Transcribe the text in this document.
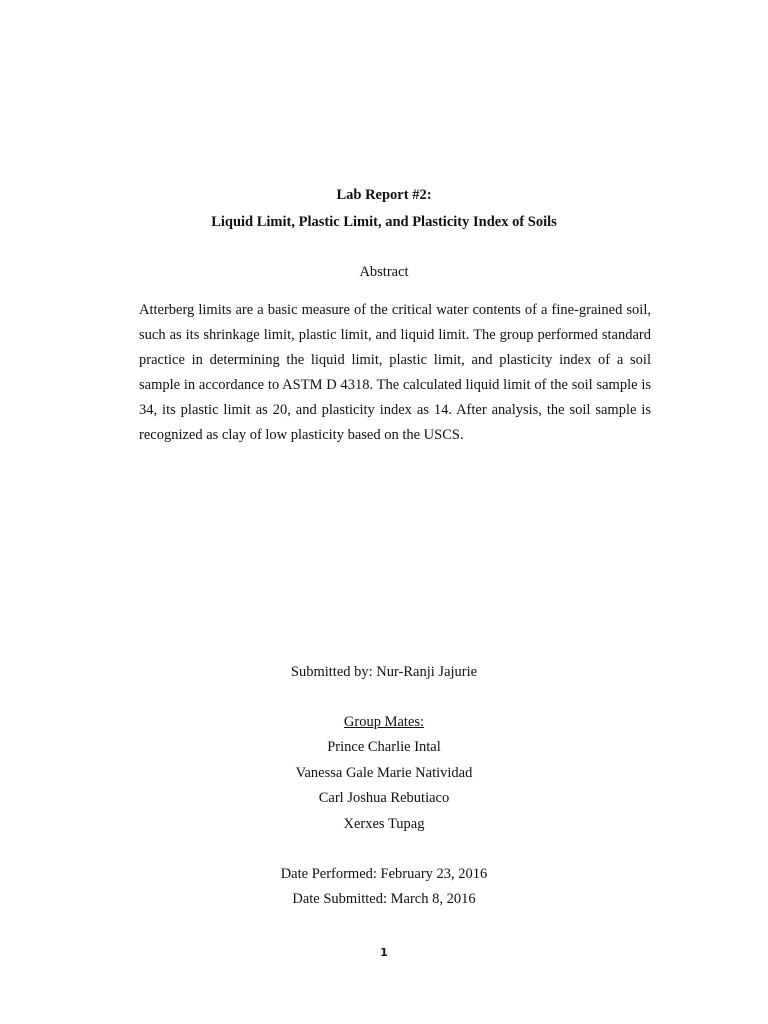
Lab Report #2:
Liquid Limit, Plastic Limit, and Plasticity Index of Soils
Abstract

Atterberg limits are a basic measure of the critical water contents of a fine-grained soil, such as its shrinkage limit, plastic limit, and liquid limit. The group performed standard practice in determining the liquid limit, plastic limit, and plasticity index of a soil sample in accordance to ASTM D 4318. The calculated liquid limit of the soil sample is 34, its plastic limit as 20, and plasticity index as 14. After analysis, the soil sample is recognized as clay of low plasticity based on the USCS.

Submitted by: Nur-Ranji Jajurie
Group Mates:
Prince Charlie Intal
Vanessa Gale Marie Natividad
Carl Joshua Rebutiaco
Xerxes Tupag
Date Performed: February 23, 2016
Date Submitted: March 8, 2016
1
